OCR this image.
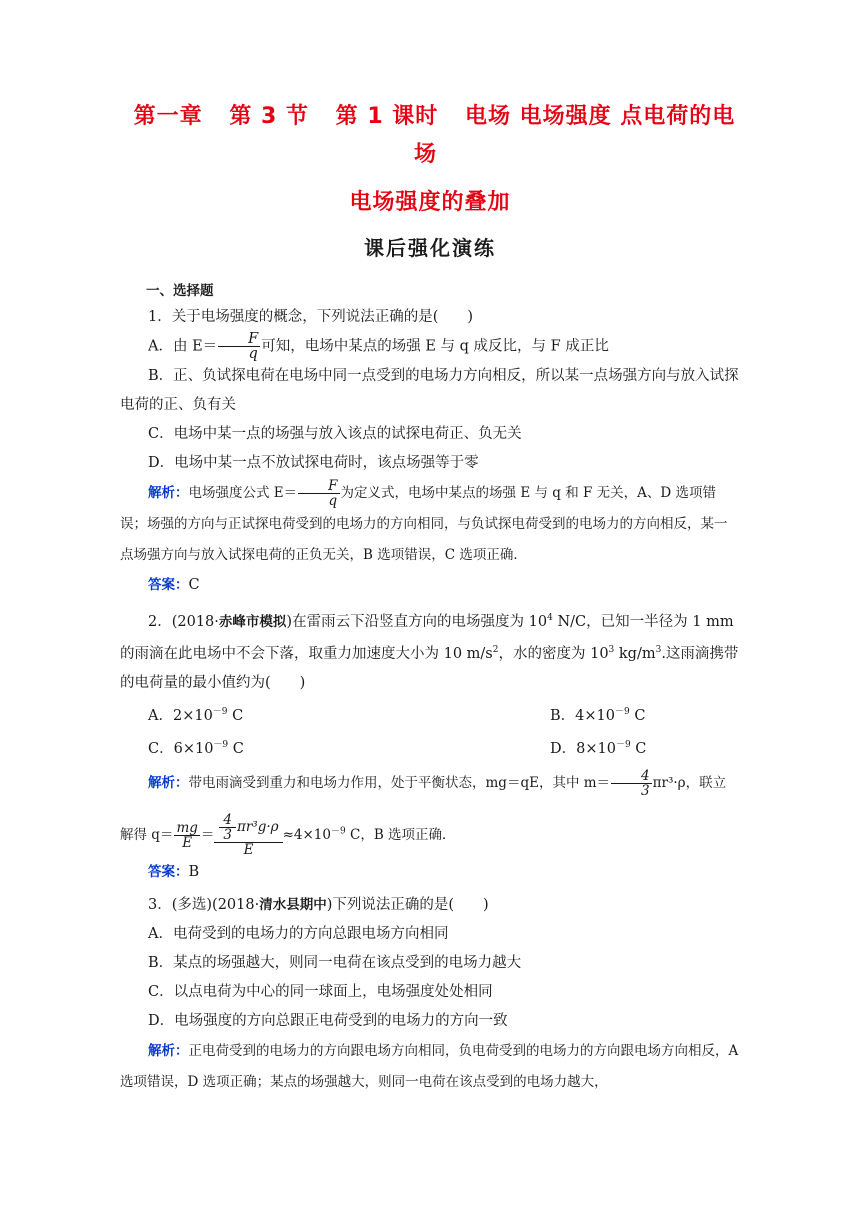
第一章 第 3 节 第 1 课时 电场 电场强度 点电荷的电场
电场强度的叠加
课后强化演练
一、选择题

1．关于电场强度的概念，下列说法正确的是(　　)

A．由 $E= \frac{F}{q}$ 可知，电场中某点的场强 E 与 q 成反比，与 F 成正比

B．正、负试探电荷在电场中同一点受到的电场力方向相反，所以某一点场强方向与放入试探电荷的正、负有关

C．电场中某一点的场强与放入该点的试探电荷正、负无关

D．电场中某一点不放试探电荷时，该点场强等于零

解析：电场强度公式 $E= \frac{F}{q}$ 为定义式，电场中某点的场强 E 与 q 和 F 无关，A、D 选项错误；场强的方向与正试探电荷受到的电场力的方向相同，与负试探电荷受到的电场力的方向相反，某一点场强方向与放入试探电荷的正负无关，B 选项错误，C 选项正确．

答案：C

2．(2018·赤峰市模拟)在雷雨云下沿竖直方向的电场强度为 $10^4$ N/C，已知一半径为 1 mm 的雨滴在此电场中不会下落，取重力加速度大小为 10 $m/s^2$，水的密度为 $10^3$ $kg/m^3$.这雨滴携带的电荷量的最小值约为(　　)

A．$2\times 10^{-9}$ C	B．$4\times 10^{-9}$ C

C．$6\times 10^{-9}$ C	D．$8\times 10^{-9}$ C

解析：带电雨滴受到重力和电场力作用，处于平衡状态，mg＝qE，其中 $m= \frac{4}{3} \pi r^3\cdot\rho$，联立

解得 $q= \frac{mg}{E} = \frac{\frac{4}{3} \pi r^3g\cdot\rho}{E} \approx 4\times 10^{-9}$ C，B 选项正确．

答案：B

3．(多选)(2018·清水县期中)下列说法正确的是(　　)

A．电荷受到的电场力的方向总跟电场方向相同

B．某点的场强越大，则同一电荷在该点受到的电场力越大

C．以点电荷为中心的同一球面上，电场强度处处相同

D．电场强度的方向总跟正电荷受到的电场力的方向一致

解析：正电荷受到的电场力的方向跟电场方向相同，负电荷受到的电场力的方向跟电场方向相反，A 选项错误，D 选项正确；某点的场强越大，则同一电荷在该点受到的电场力越大，
